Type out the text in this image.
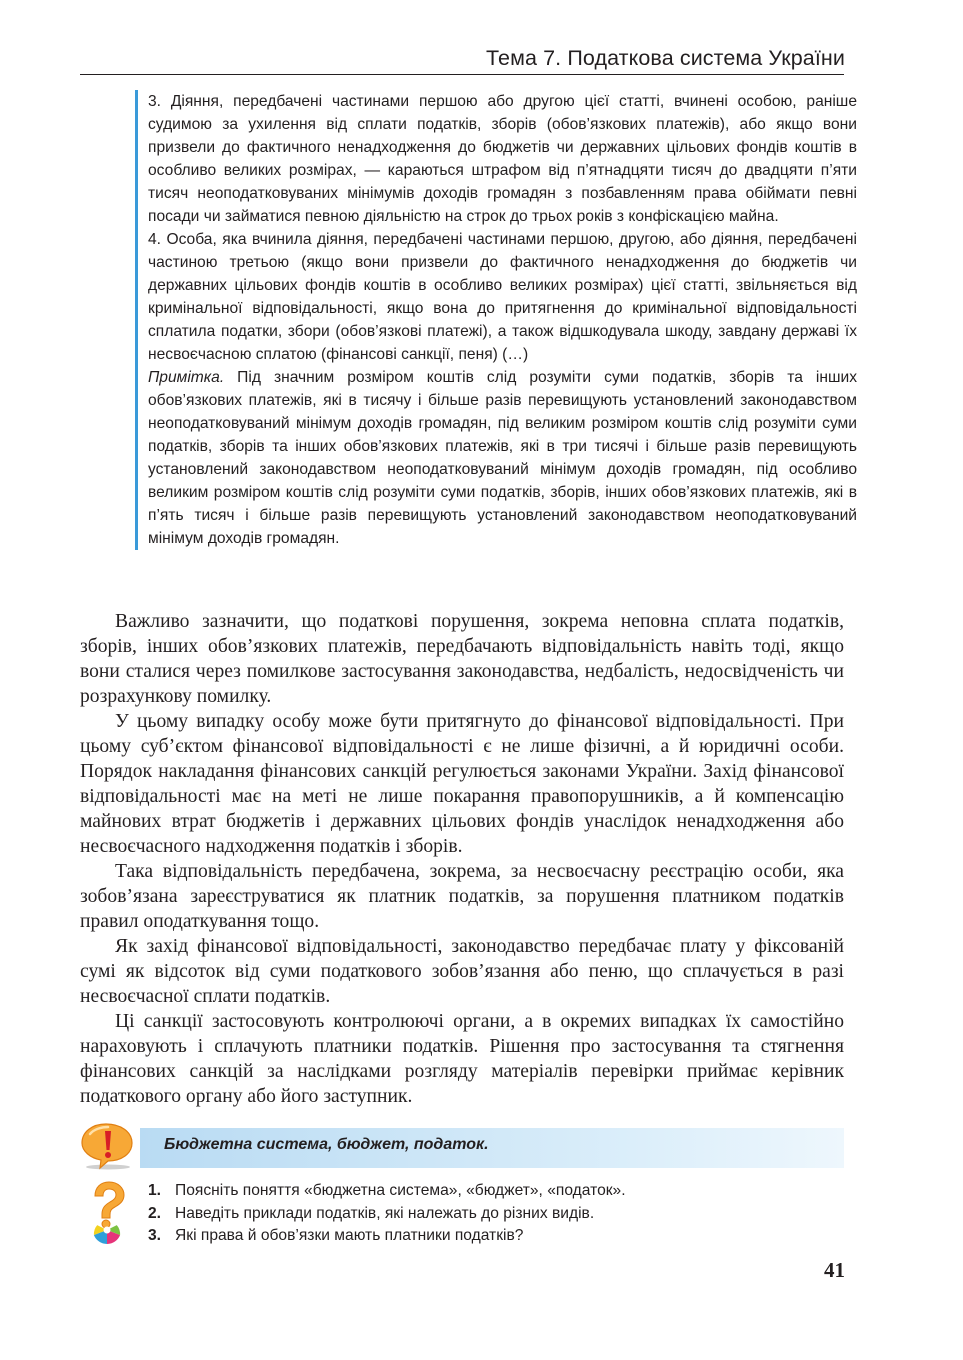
Тема 7. Податкова система України

3. Діяння, передбачені частинами першою або другою цієї статті, вчинені особою, раніше судимою за ухилення від сплати податків, зборів (обов’язкових платежів), або якщо вони призвели до фактичного ненадходження до бюджетів чи державних цільових фондів коштів в особливо великих розмірах, — караються штрафом від п’ятнадцяти тисяч до двадцяти п’яти тисяч неоподатковуваних мінімумів доходів громадян з позбавленням права обіймати певні посади чи займатися певною діяльністю на строк до трьох років з конфіскацією майна.

4. Особа, яка вчинила діяння, передбачені частинами першою, другою, або діяння, передбачені частиною третьою (якщо вони призвели до фактичного ненадходження до бюджетів чи державних цільових фондів коштів в особливо великих розмірах) цієї статті, звільняється від кримінальної відповідальності, якщо вона до притягнення до кримінальної відповідальності сплатила податки, збори (обов’язкові платежі), а також відшкодувала шкоду, завдану державі їх несвоєчасною сплатою (фінансові санкції, пеня) (…)

Примітка. Під значним розміром коштів слід розуміти суми податків, зборів та інших обов’язкових платежів, які в тисячу і більше разів перевищують установлений законодавством неоподатковуваний мінімум доходів громадян, під великим розміром коштів слід розуміти суми податків, зборів та інших обов’язкових платежів, які в три тисячі і більше разів перевищують установлений законодавством неоподатковуваний мінімум доходів громадян, під особливо великим розміром коштів слід розуміти суми податків, зборів, інших обов’язкових платежів, які в п’ять тисяч і більше разів перевищують установлений законодавством неоподатковуваний мінімум доходів громадян.

Важливо зазначити, що податкові порушення, зокрема неповна сплата податків, зборів, інших обов’язкових платежів, передбачають відповідальність навіть тоді, якщо вони сталися через помилкове застосування законодавства, недбалість, недосвідченість чи розрахункову помилку.

У цьому випадку особу може бути притягнуто до фінансової відповідальності. При цьому суб’єктом фінансової відповідальності є не лише фізичні, а й юридичні особи. Порядок накладання фінансових санкцій регулюється законами України. Захід фінансової відповідальності має на меті не лише покарання правопорушників, а й компенсацію майнових втрат бюджетів і державних цільових фондів унаслідок ненадходження або несвоєчасного надходження податків і зборів.

Така відповідальність передбачена, зокрема, за несвоєчасну реєстрацію особи, яка зобов’язана зареєструватися як платник податків, за порушення платником податків правил оподаткування тощо.

Як захід фінансової відповідальності, законодавство передбачає плату у фіксованій сумі як відсоток від суми податкового зобов’язання або пеню, що сплачується в разі несвоєчасної сплати податків.

Ці санкції застосовують контролюючі органи, а в окремих випадках їх самостійно нараховують і сплачують платники податків. Рішення про застосування та стягнення фінансових санкцій за наслідками розгляду матеріалів перевірки приймає керівник податкового органу або його заступник.

Бюджетна система, бюджет, податок.
1. Поясніть поняття «бюджетна система», «бюджет», «податок».
2. Наведіть приклади податків, які належать до різних видів.
3. Які права й обов’язки мають платники податків?
41
